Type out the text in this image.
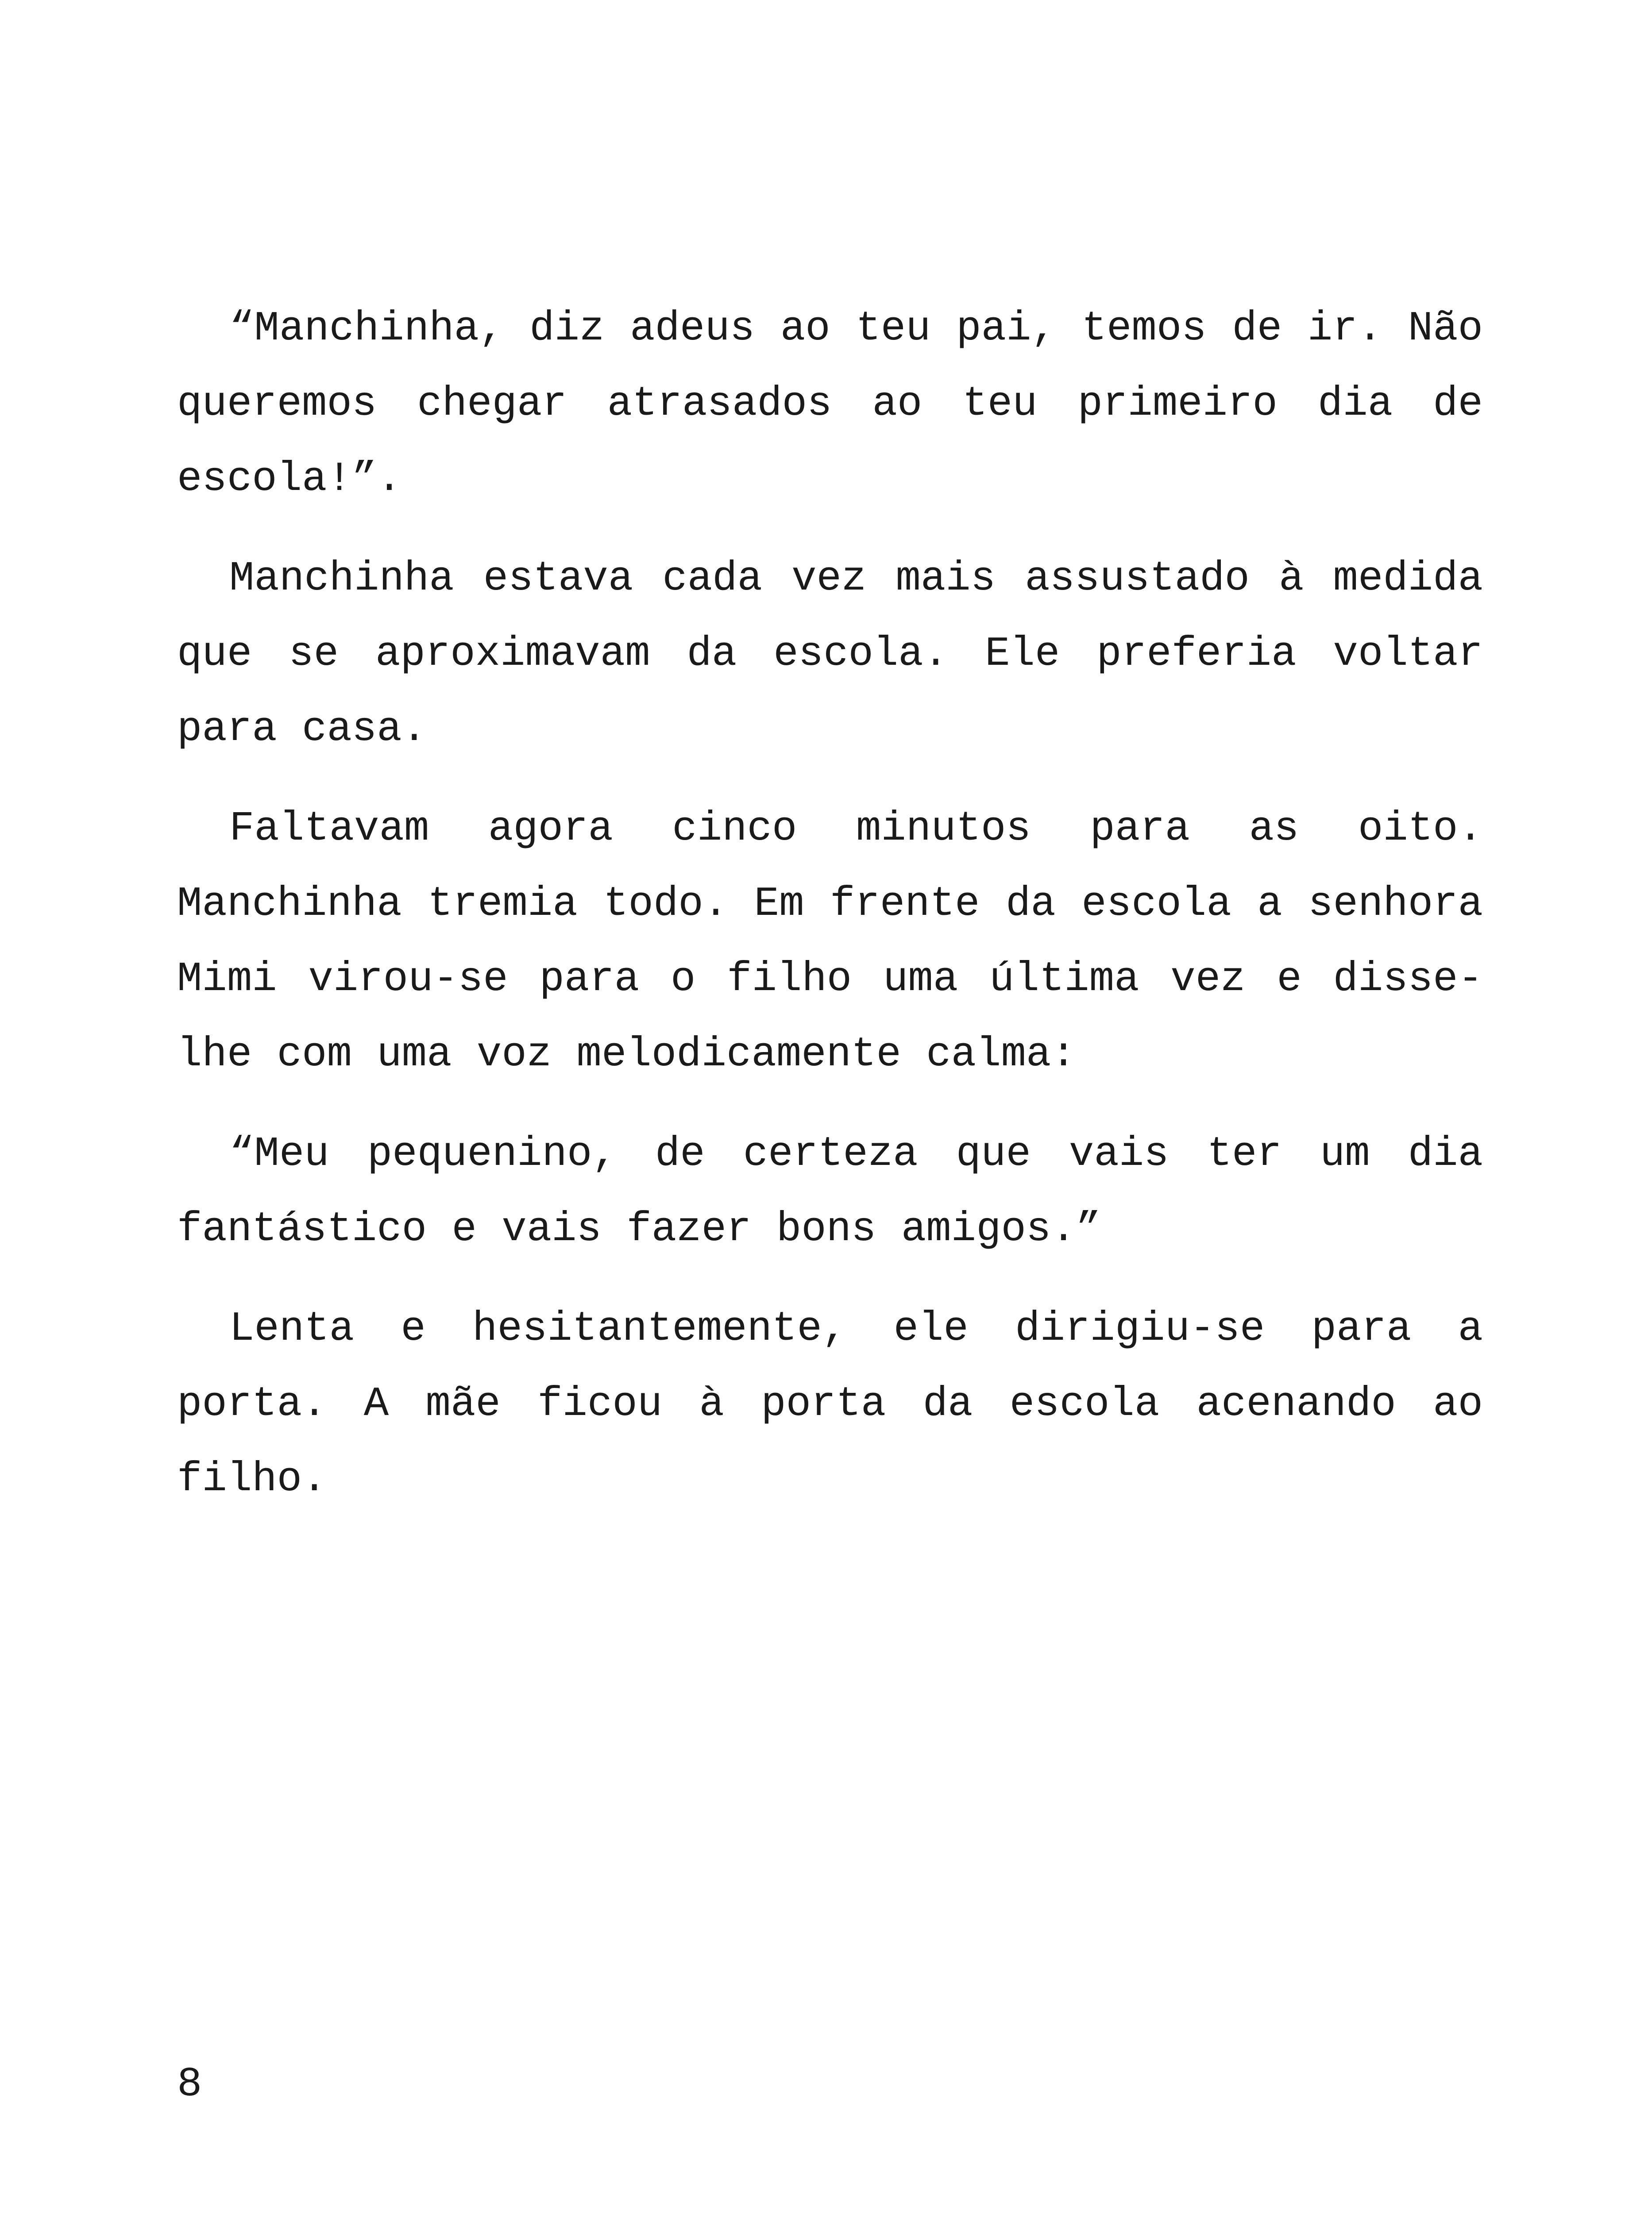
“Manchinha, diz adeus ao teu pai, temos de ir. Não queremos chegar atrasados ao teu primeiro dia de escola!”.

Manchinha estava cada vez mais assustado à medida que se aproximavam da escola. Ele preferia voltar para casa.

Faltavam agora cinco minutos para as oito. Manchinha tremia todo. Em frente da escola a senhora Mimi virou-se para o filho uma última vez e disse-lhe com uma voz melodicamente calma:

“Meu pequenino, de certeza que vais ter um dia fantástico e vais fazer bons amigos.”

Lenta e hesitantemente, ele dirigiu-se para a porta. A mãe ficou à porta da escola acenando ao filho.

8
